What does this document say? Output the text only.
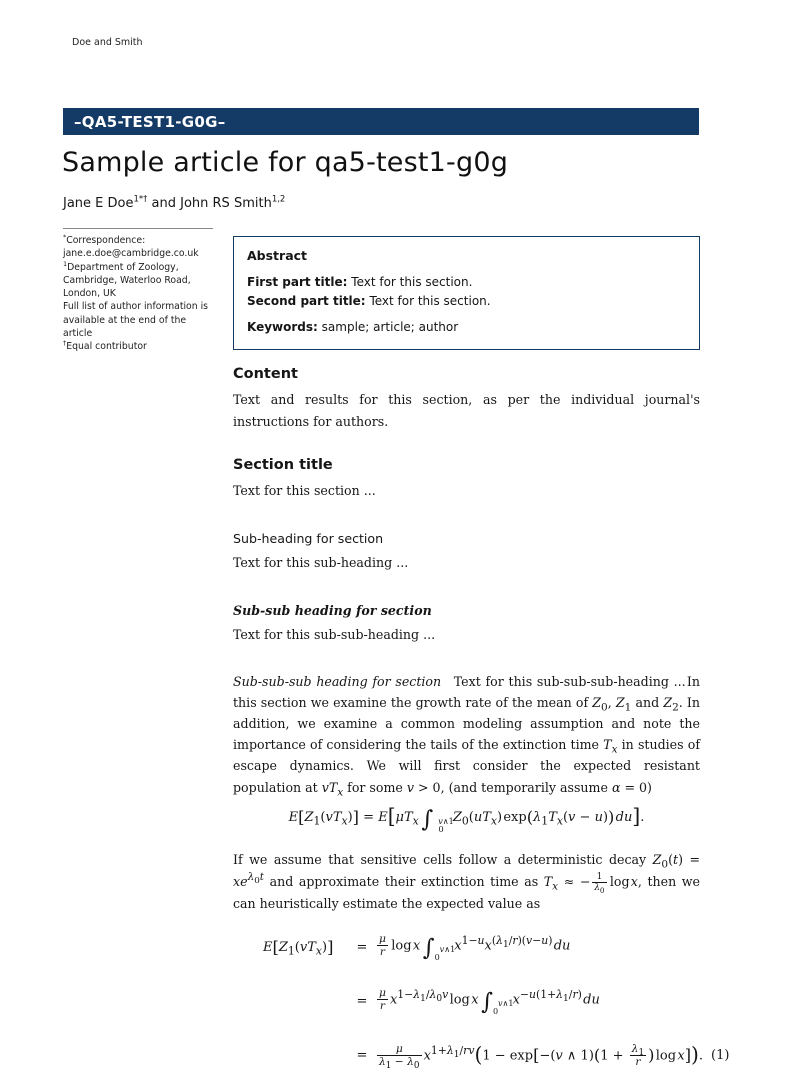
Doe and Smith
–QA5-TEST1-G0G–
Sample article for qa5-test1-g0g
Jane E Doe$^{1*\dagger}$ and John RS Smith$^{1,2}$
*Correspondence:
jane.e.doe@cambridge.co.uk
$^1$Department of Zoology,
Cambridge, Waterloo Road,
London, UK
Full list of author information is
available at the end of the article
†Equal contributor
Abstract
First part title: Text for this section.
Second part title: Text for this section.
Keywords: sample; article; author
Content

Text and results for this section, as per the individual journal's instructions for authors.

Section title

Text for this section ...

Sub-heading for section

Text for this sub-heading ...

Sub-sub heading for section

Text for this sub-sub-heading ...

Sub-sub-sub heading for section Text for this sub-sub-sub-heading ... In this section we examine the growth rate of the mean of $Z_0$, $Z_1$ and $Z_2$. In addition, we examine a common modeling assumption and note the importance of considering the tails of the extinction time $T_x$ in studies of escape dynamics. We will first consider the expected resistant population at $vT_x$ for some v > 0, (and temporarily assume α = 0)

$E[Z_1(vT_x)] = E[\mu T_x$  ∫ v∧1
0
$Z_0(uT_x)$ $\exp(\lambda_1T_x(v - u))$ du].

If we assume that sensitive cells follow a deterministic decay $Z_0(t) = xe^{\lambda_0t}$ and approximate their extinction time as $T_x$ ≈ − $\frac{1}{\lambda_0}$  log x, then we can heuristically estimate the expected value as

$E[Z_1(vT_x)]$	= $\frac{\mu}{r}$  log x  ∫ v∧1
0
$x^{1-u}x^{(\lambda_1/r)(v-u)}$ du
= $\frac{\mu}{r} x^{1-\lambda_1/\lambda_0v}$ log x  ∫ v∧1
0
$x^{-u(1+\lambda_1/r)}$ du
= $\frac{\mu}{\lambda_1 - \lambda_0} x^{1+\lambda_1/rv}(1 - \exp[-(v$ ∧ $1)(1 + \frac{\lambda_1}{r}$ ) log x]). (1)
